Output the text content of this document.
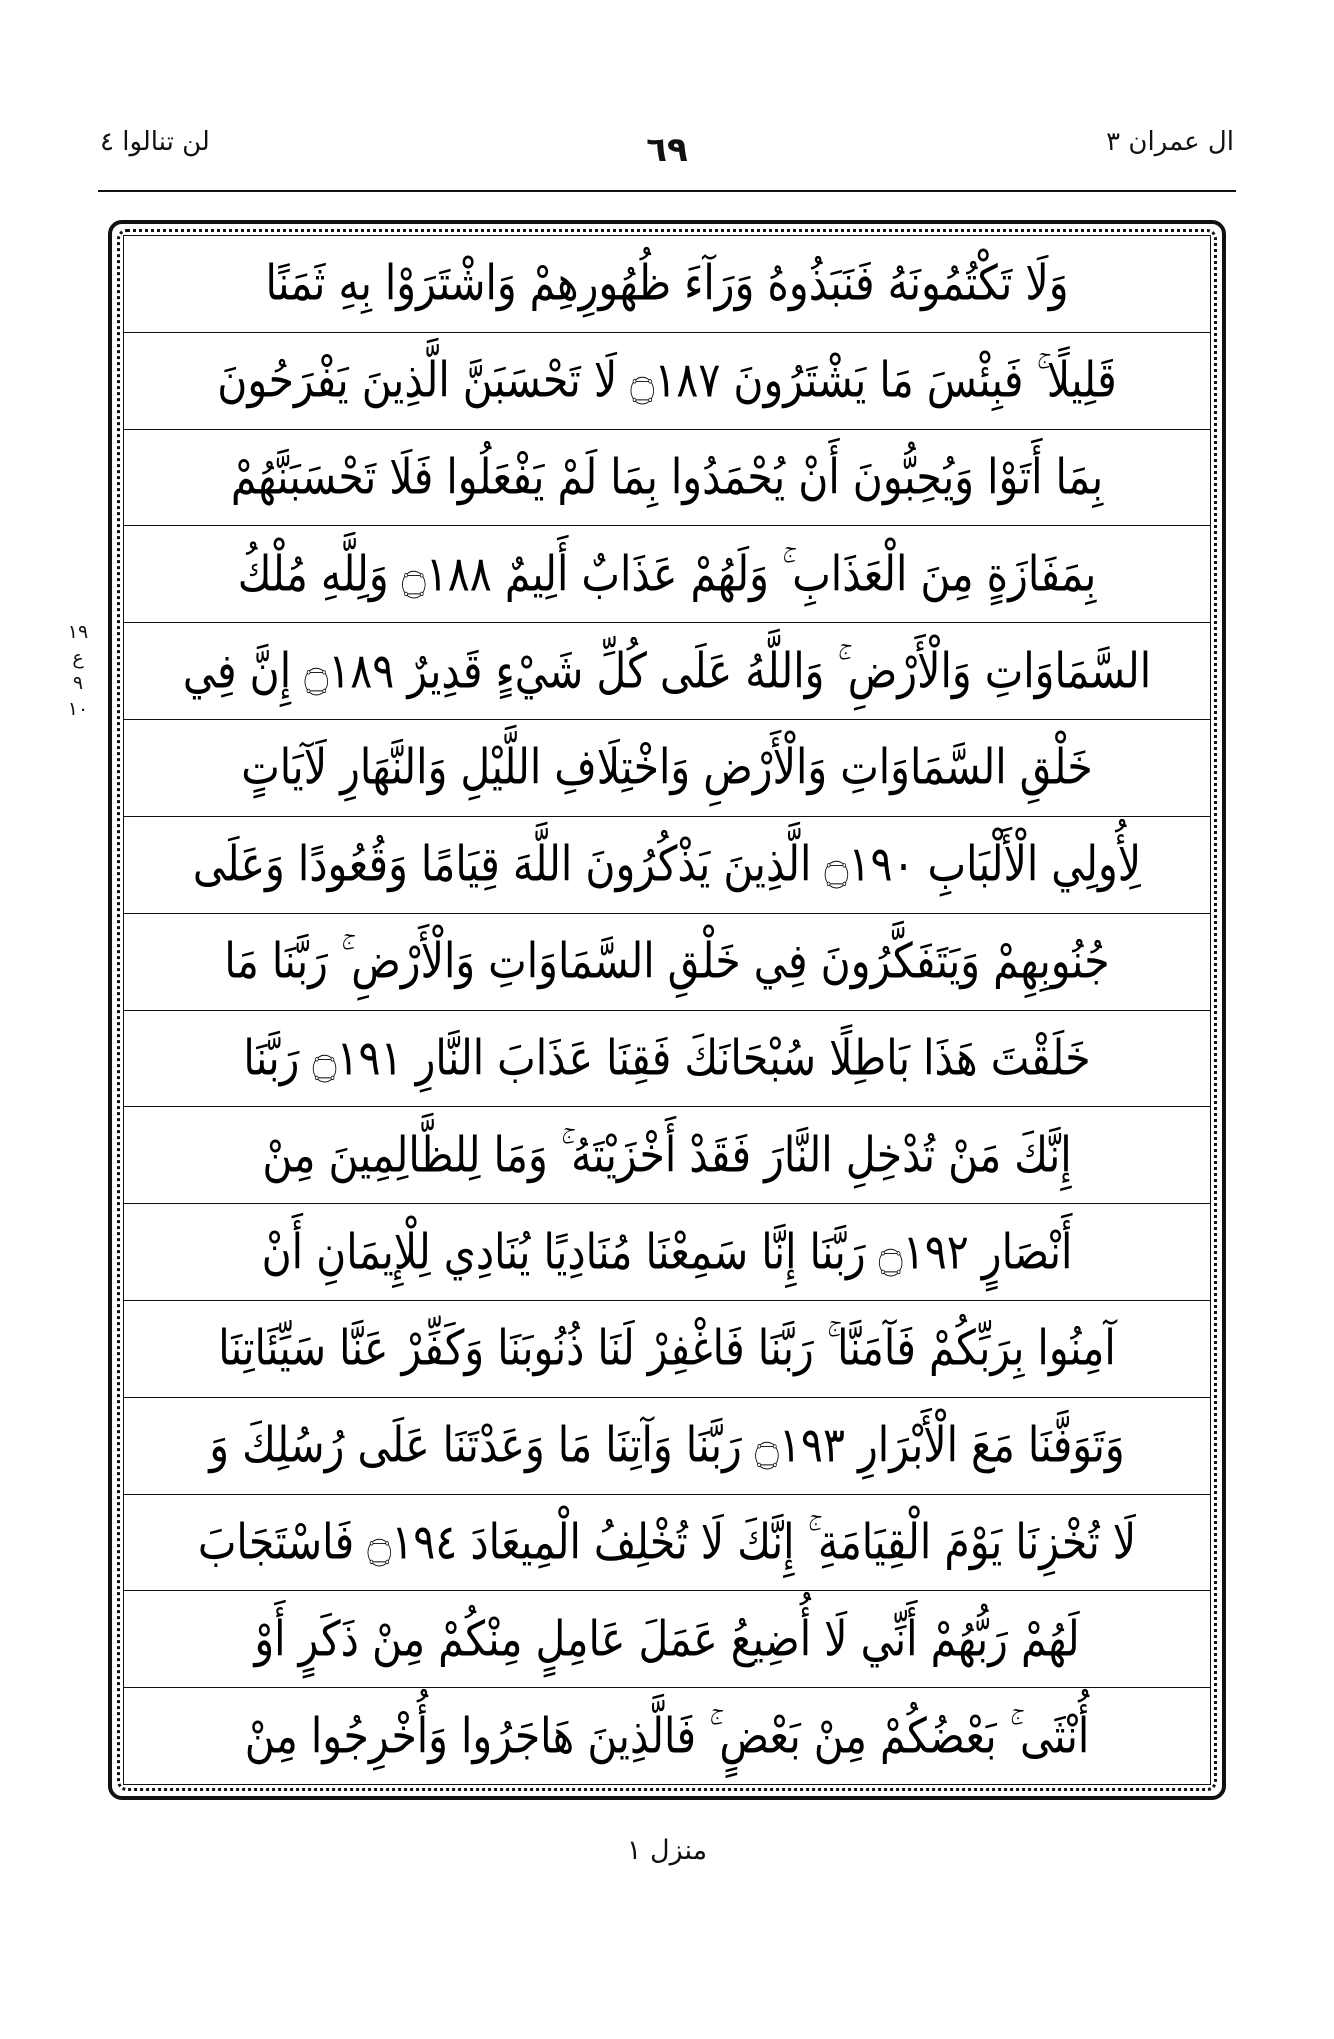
لن تنالوا ٤	٦٩	ال عمران ٣
١٩
ع
٩
١٠
وَلَا تَكْتُمُونَهُ فَنَبَذُوهُ وَرَآءَ ظُهُورِهِمْ وَاشْتَرَوْا بِهِ ثَمَنًا
قَلِيلًا ۚ فَبِئْسَ مَا يَشْتَرُونَ ۝١٨٧ لَا تَحْسَبَنَّ الَّذِينَ يَفْرَحُونَ
بِمَا أَتَوْا وَيُحِبُّونَ أَنْ يُحْمَدُوا بِمَا لَمْ يَفْعَلُوا فَلَا تَحْسَبَنَّهُمْ
بِمَفَازَةٍ مِنَ الْعَذَابِ ۚ وَلَهُمْ عَذَابٌ أَلِيمٌ ۝١٨٨ وَلِلَّهِ مُلْكُ
السَّمَاوَاتِ وَالْأَرْضِ ۚ وَاللَّهُ عَلَى كُلِّ شَيْءٍ قَدِيرٌ ۝١٨٩ إِنَّ فِي
خَلْقِ السَّمَاوَاتِ وَالْأَرْضِ وَاخْتِلَافِ اللَّيْلِ وَالنَّهَارِ لَآيَاتٍ
لِأُولِي الْأَلْبَابِ ۝١٩٠ الَّذِينَ يَذْكُرُونَ اللَّهَ قِيَامًا وَقُعُودًا وَعَلَى
جُنُوبِهِمْ وَيَتَفَكَّرُونَ فِي خَلْقِ السَّمَاوَاتِ وَالْأَرْضِ ۚ رَبَّنَا مَا
خَلَقْتَ هَذَا بَاطِلًا سُبْحَانَكَ فَقِنَا عَذَابَ النَّارِ ۝١٩١ رَبَّنَا
إِنَّكَ مَنْ تُدْخِلِ النَّارَ فَقَدْ أَخْزَيْتَهُ ۚ وَمَا لِلظَّالِمِينَ مِنْ
أَنْصَارٍ ۝١٩٢ رَبَّنَا إِنَّا سَمِعْنَا مُنَادِيًا يُنَادِي لِلْإِيمَانِ أَنْ
آمِنُوا بِرَبِّكُمْ فَآمَنَّا ۚ رَبَّنَا فَاغْفِرْ لَنَا ذُنُوبَنَا وَكَفِّرْ عَنَّا سَيِّئَاتِنَا
وَتَوَفَّنَا مَعَ الْأَبْرَارِ ۝١٩٣ رَبَّنَا وَآتِنَا مَا وَعَدْتَنَا عَلَى رُسُلِكَ وَ
لَا تُخْزِنَا يَوْمَ الْقِيَامَةِ ۚ إِنَّكَ لَا تُخْلِفُ الْمِيعَادَ ۝١٩٤ فَاسْتَجَابَ
لَهُمْ رَبُّهُمْ أَنِّي لَا أُضِيعُ عَمَلَ عَامِلٍ مِنْكُمْ مِنْ ذَكَرٍ أَوْ
أُنْثَى ۚ بَعْضُكُمْ مِنْ بَعْضٍ ۚ فَالَّذِينَ هَاجَرُوا وَأُخْرِجُوا مِنْ
منزل ١
